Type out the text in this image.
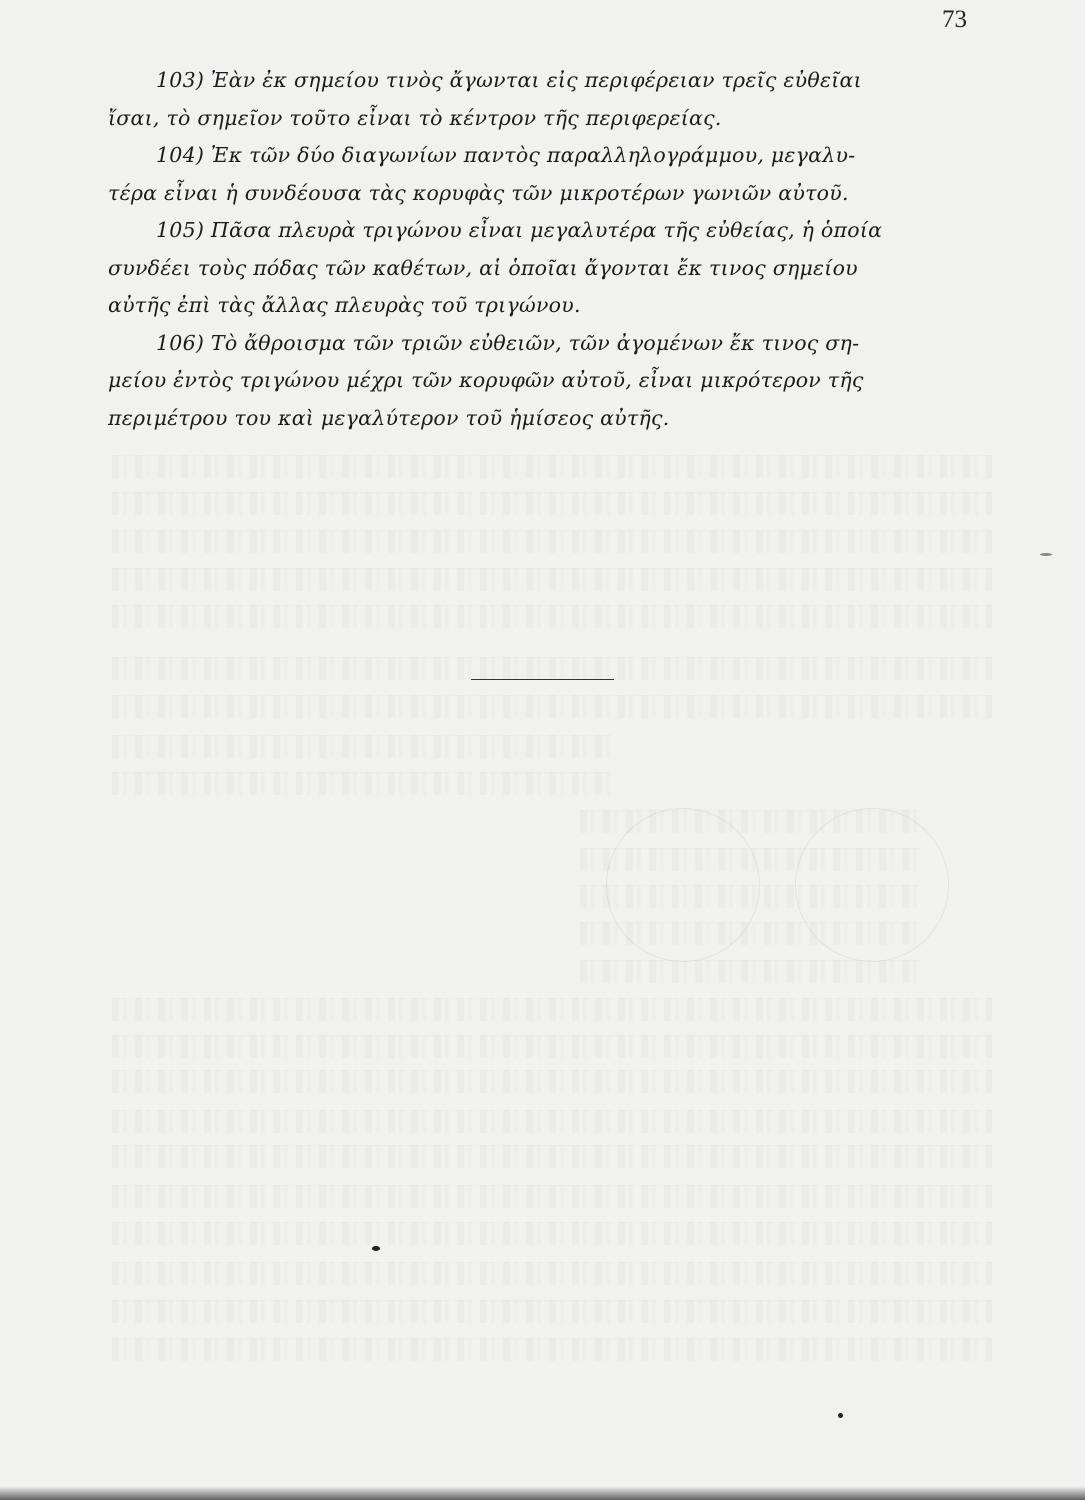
73

103) Ἐὰν ἐκ σημείου τινὸς ἄγωνται εἰς περιφέρειαν τρεῖς εὐθεῖαι
ἴσαι, τὸ σημεῖον τοῦτο εἶναι τὸ κέντρον τῆς περιφερείας.

104) Ἐκ τῶν δύο διαγωνίων παντὸς παραλληλογράμμου, μεγαλυ-
τέρα εἶναι ἡ συνδέουσα τὰς κορυφὰς τῶν μικροτέρων γωνιῶν αὐτοῦ.

105) Πᾶσα πλευρὰ τριγώνου εἶναι μεγαλυτέρα τῆς εὐθείας, ἡ ὁποία
συνδέει τοὺς πόδας τῶν καθέτων, αἱ ὁποῖαι ἄγονται ἔκ τινος σημείου
αὐτῆς ἐπὶ τὰς ἄλλας πλευρὰς τοῦ τριγώνου.

106) Τὸ ἄθροισμα τῶν τριῶν εὐθειῶν, τῶν ἀγομένων ἔκ τινος ση-
μείου ἐντὸς τριγώνου μέχρι τῶν κορυφῶν αὐτοῦ, εἶναι μικρότερον τῆς
περιμέτρου του καὶ μεγαλύτερον τοῦ ἡμίσεος αὐτῆς.
